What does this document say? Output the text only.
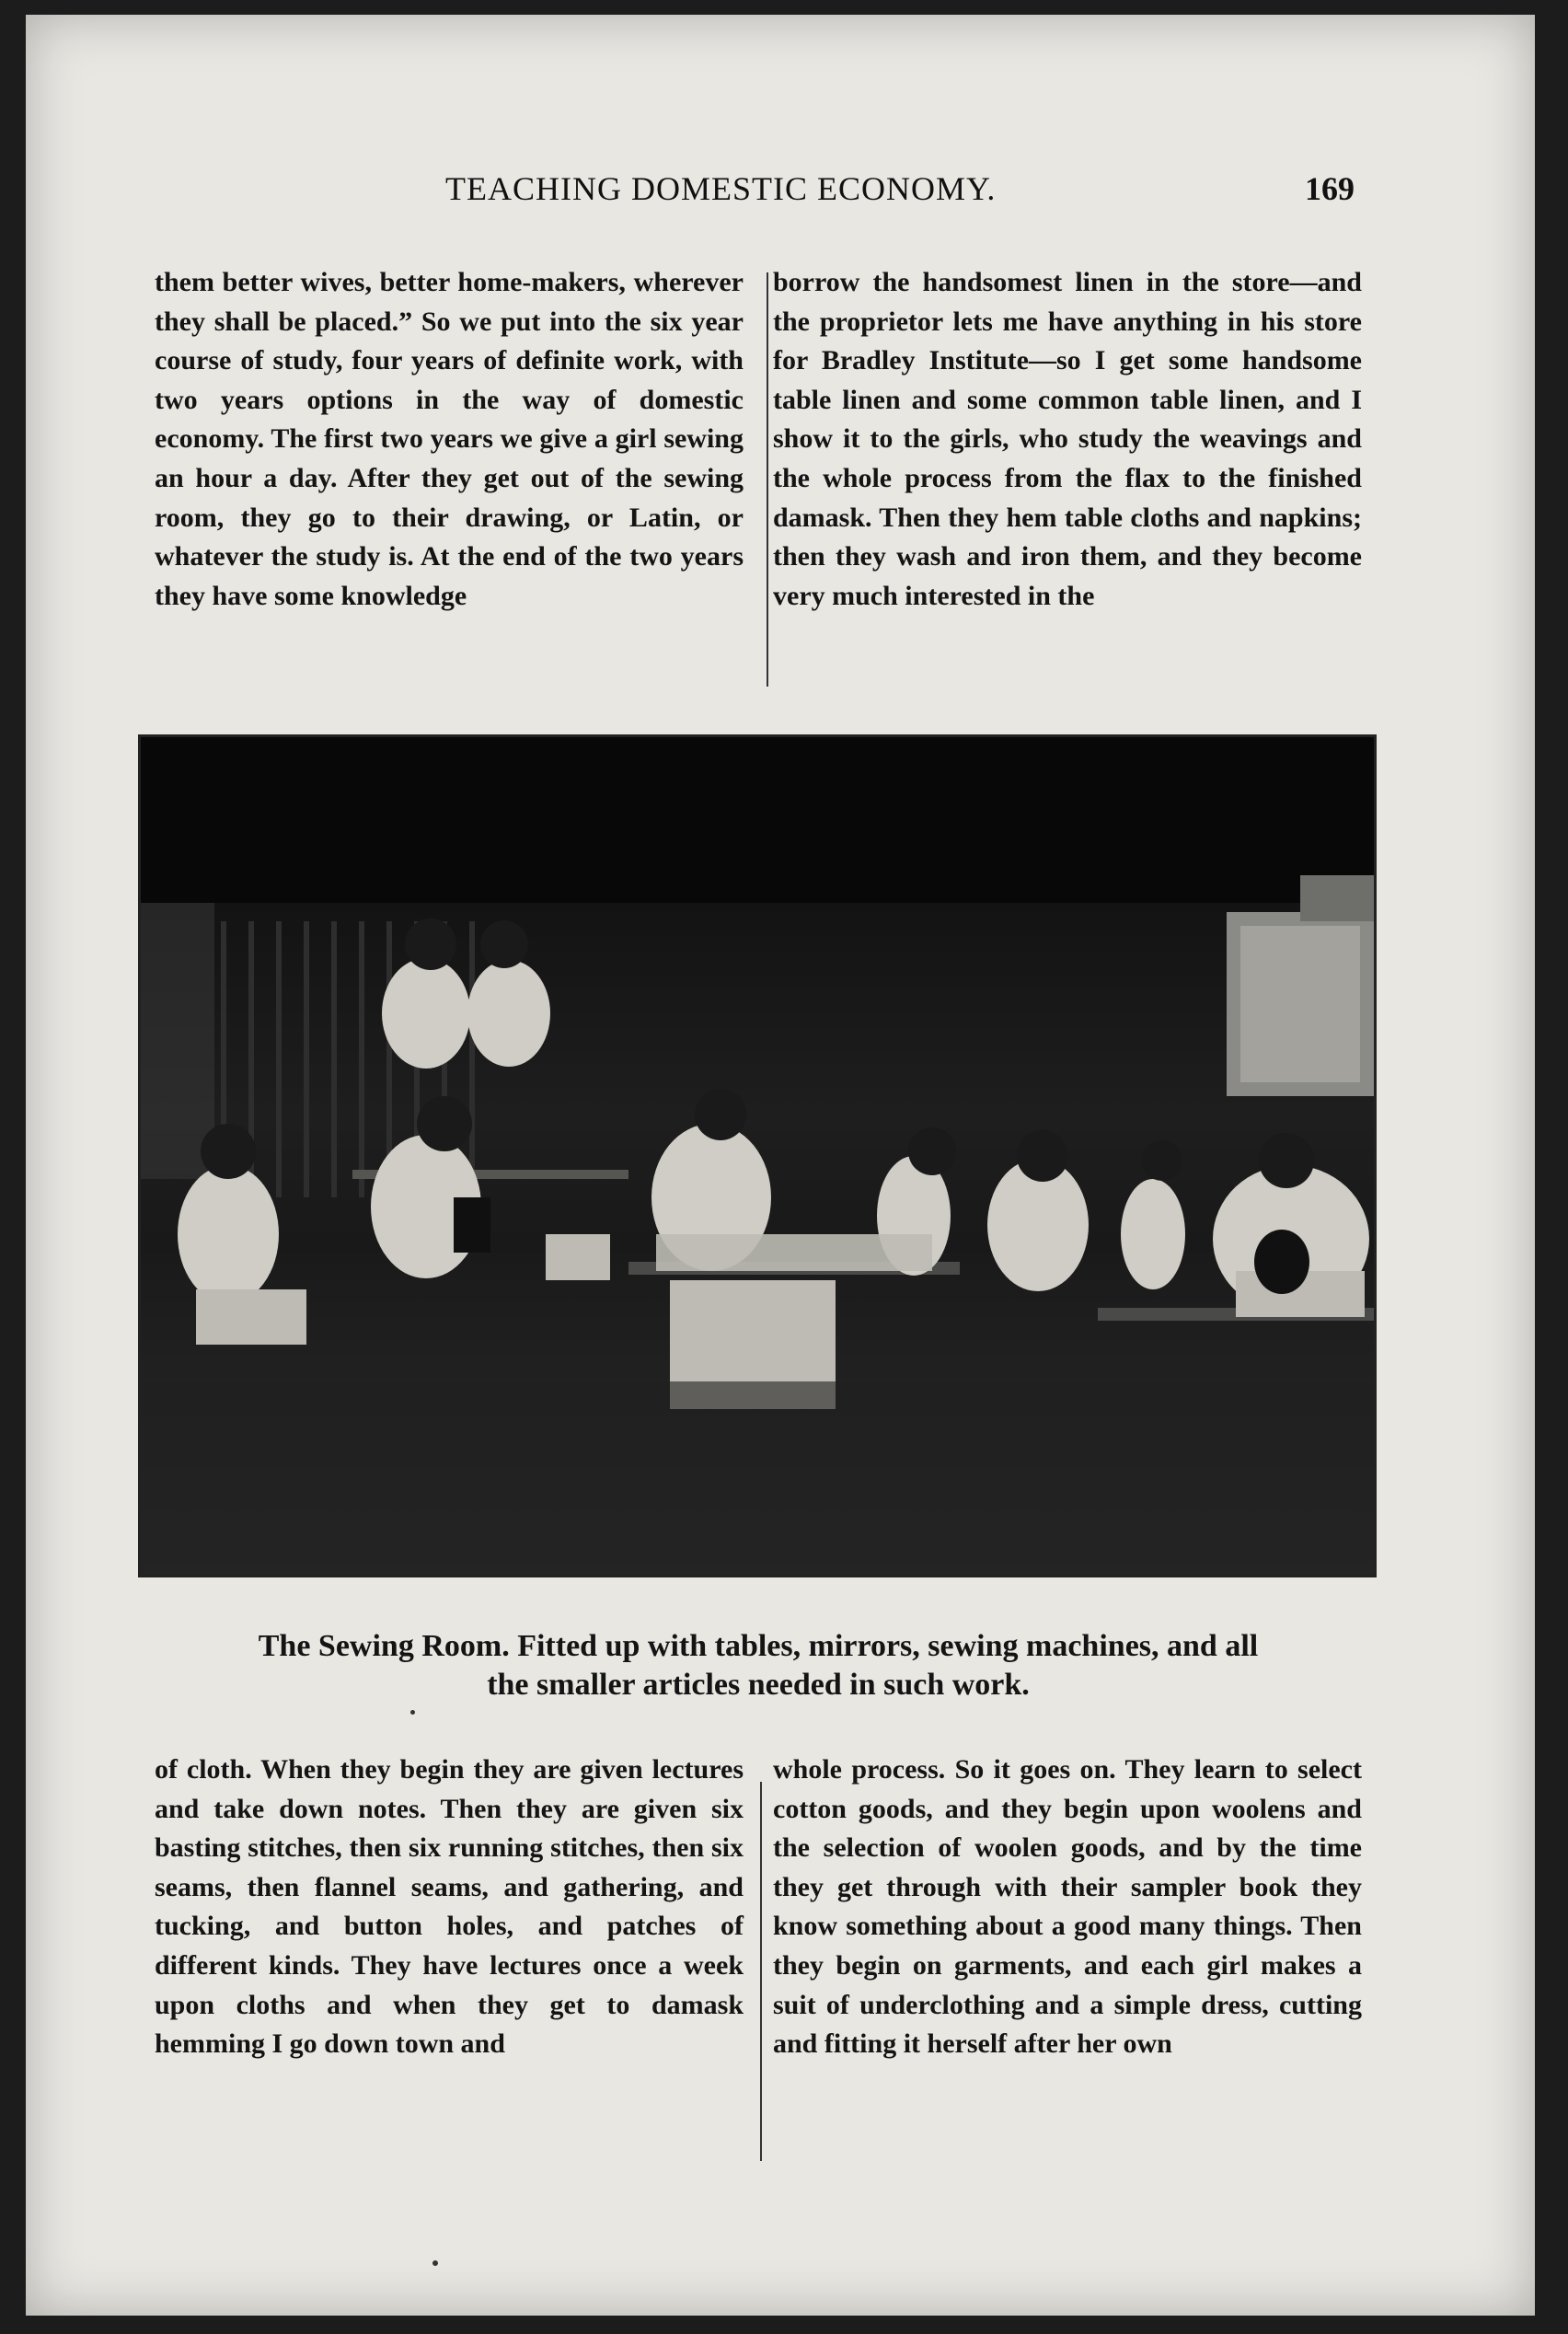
TEACHING DOMESTIC ECONOMY.	169

them better wives, better home-makers, wherever they shall be placed.” So we put into the six year course of study, four years of definite work, with two years options in the way of domestic economy. The first two years we give a girl sewing an hour a day. After they get out of the sewing room, they go to their drawing, or Latin, or whatever the study is. At the end of the two years they have some knowledge

borrow the handsomest linen in the store—and the proprietor lets me have anything in his store for Bradley Institute—so I get some handsome table linen and some common table linen, and I show it to the girls, who study the weavings and the whole process from the flax to the finished damask. Then they hem table cloths and napkins; then they wash and iron them, and they become very much interested in the

The Sewing Room. Fitted up with tables, mirrors, sewing machines, and all
the smaller articles needed in such work.

of cloth. When they begin they are given lectures and take down notes. Then they are given six basting stitches, then six running stitches, then six seams, then flannel seams, and gathering, and tucking, and button holes, and patches of different kinds. They have lectures once a week upon cloths and when they get to damask hemming I go down town and

whole process. So it goes on. They learn to select cotton goods, and they begin upon woolens and the selection of woolen goods, and by the time they get through with their sampler book they know something about a good many things. Then they begin on garments, and each girl makes a suit of underclothing and a simple dress, cutting and fitting it herself after her own
